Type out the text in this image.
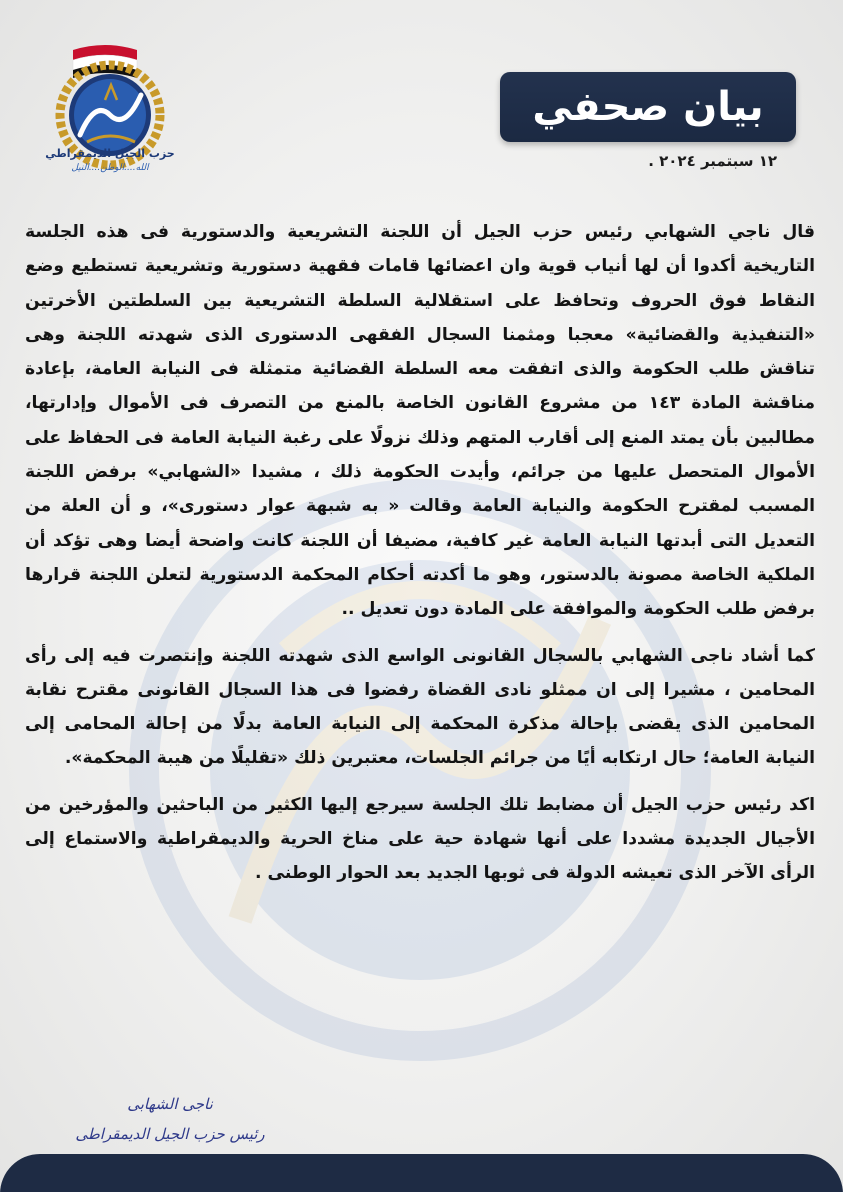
حزب الجيل الديمقراطي
الله....الوطن....النيل
بيان صحفي
١٢ سبتمبر ٢٠٢٤ .

قال ناجي الشهابي رئيس حزب الجيل أن اللجنة التشريعية والدستورية فى هذه الجلسة التاريخية أكدوا أن لها أنياب قوية وان اعضائها قامات فقهية دستورية وتشريعية تستطيع وضع النقاط فوق الحروف وتحافظ على استقلالية السلطة التشريعية بين السلطتين الأخرتين «التنفيذية والقضائية» معجبا ومثمنا السجال الفقهى الدستورى الذى شهدته اللجنة وهى تناقش طلب الحكومة والذى اتفقت معه السلطة القضائية متمثلة فى النيابة العامة، بإعادة مناقشة المادة ١٤٣ من مشروع القانون الخاصة بالمنع من التصرف فى الأموال وإدارتها، مطالبين بأن يمتد المنع إلى أقارب المتهم وذلك نزولًا على رغبة النيابة العامة فى الحفاظ على الأموال المتحصل عليها من جرائم، وأيدت الحكومة ذلك ، مشيدا «الشهابي» برفض اللجنة المسبب لمقترح الحكومة والنيابة العامة وقالت « به شبهة عوار دستورى»، و أن العلة من التعديل التى أبدتها النيابة العامة غير كافية، مضيفا أن اللجنة كانت واضحة أيضا وهى تؤكد أن الملكية الخاصة مصونة بالدستور، وهو ما أكدته أحكام المحكمة الدستورية لتعلن اللجنة قرارها برفض طلب الحكومة والموافقة على المادة دون تعديل ..

كما أشاد ناجى الشهابي بالسجال القانونى الواسع الذى شهدته اللجنة وإنتصرت فيه إلى رأى المحامين ، مشيرا إلى ان ممثلو نادى القضاة رفضوا فى هذا السجال القانونى مقترح نقابة المحامين الذى يقضى بإحالة مذكرة المحكمة إلى النيابة العامة بدلًا من إحالة المحامى إلى النيابة العامة؛ حال ارتكابه أيًا من جرائم الجلسات، معتبرين ذلك «تقليلًا من هيبة المحكمة».

اكد رئيس حزب الجيل أن مضابط تلك الجلسة سيرجع إليها الكثير من الباحثين والمؤرخين من الأجيال الجديدة مشددا على أنها شهادة حية على مناخ الحرية والديمقراطية والاستماع إلى الرأى الآخر الذى تعيشه الدولة فى ثوبها الجديد بعد الحوار الوطنى .

ناجى الشهابى
رئيس حزب الجيل الديمقراطى
